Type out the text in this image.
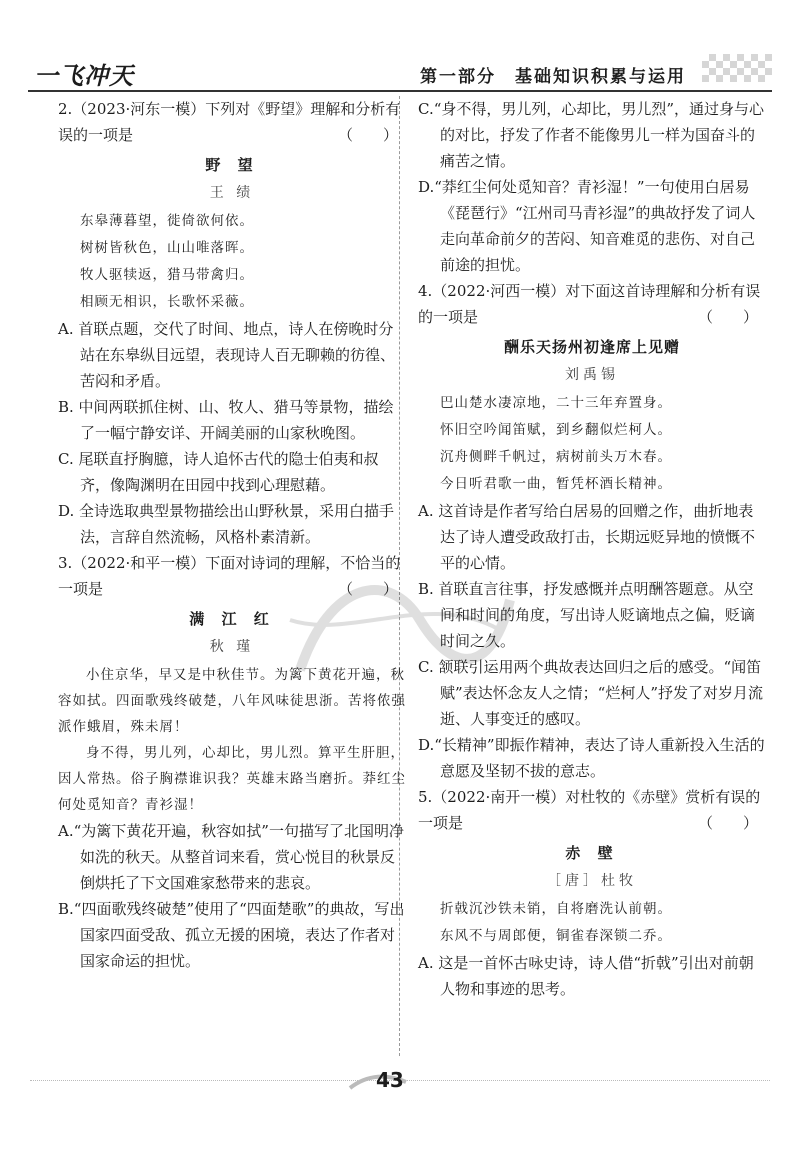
一飞冲天	第一部分　基础知识积累与运用
2.（2023·河东一模）下列对《野望》理解和分析有误的一项是	（　　）
野 望
王 绩
东皋薄暮望，徙倚欲何依。
树树皆秋色，山山唯落晖。
牧人驱犊返，猎马带禽归。
相顾无相识，长歌怀采薇。
A. 首联点题，交代了时间、地点，诗人在傍晚时分站在东皋纵目远望，表现诗人百无聊赖的彷徨、苦闷和矛盾。
B. 中间两联抓住树、山、牧人、猎马等景物，描绘了一幅宁静安详、开阔美丽的山家秋晚图。
C. 尾联直抒胸臆，诗人追怀古代的隐士伯夷和叔齐，像陶渊明在田园中找到心理慰藉。
D. 全诗选取典型景物描绘出山野秋景，采用白描手法，言辞自然流畅，风格朴素清新。
3.（2022·和平一模）下面对诗词的理解，不恰当的一项是	（　　）
满 江 红
秋 瑾
小住京华，早又是中秋佳节。为篱下黄花开遍，秋容如拭。四面歌残终破楚，八年风味徒思浙。苦将侬强派作蛾眉，殊未屑！
身不得，男儿列，心却比，男儿烈。算平生肝胆，因人常热。俗子胸襟谁识我？英雄末路当磨折。莽红尘何处觅知音？青衫湿！
A.“为篱下黄花开遍，秋容如拭”一句描写了北国明净如洗的秋天。从整首词来看，赏心悦目的秋景反倒烘托了下文国难家愁带来的悲哀。
B.“四面歌残终破楚”使用了“四面楚歌”的典故，写出国家四面受敌、孤立无援的困境，表达了作者对国家命运的担忧。
C.“身不得，男儿列，心却比，男儿烈”，通过身与心的对比，抒发了作者不能像男儿一样为国奋斗的痛苦之情。
D.“莽红尘何处觅知音？青衫湿！”一句使用白居易《琵琶行》“江州司马青衫湿”的典故抒发了词人走向革命前夕的苦闷、知音难觅的悲伤、对自己前途的担忧。
4.（2022·河西一模）对下面这首诗理解和分析有误的一项是	（　　）
酬乐天扬州初逢席上见赠
刘禹锡
巴山楚水凄凉地，二十三年弃置身。
怀旧空吟闻笛赋，到乡翻似烂柯人。
沉舟侧畔千帆过，病树前头万木春。
今日听君歌一曲，暂凭杯酒长精神。
A. 这首诗是作者写给白居易的回赠之作，曲折地表达了诗人遭受政敌打击，长期远贬异地的愤慨不平的心情。
B. 首联直言往事，抒发感慨并点明酬答题意。从空间和时间的角度，写出诗人贬谪地点之偏，贬谪时间之久。
C. 颔联引运用两个典故表达回归之后的感受。“闻笛赋”表达怀念友人之情；“烂柯人”抒发了对岁月流逝、人事变迁的感叹。
D.“长精神”即振作精神，表达了诗人重新投入生活的意愿及坚韧不拔的意志。
5.（2022·南开一模）对杜牧的《赤壁》赏析有误的一项是	（　　）
赤 壁
［唐］杜牧
折戟沉沙铁未销，自将磨洗认前朝。
东风不与周郎便，铜雀春深锁二乔。
A. 这是一首怀古咏史诗，诗人借“折戟”引出对前朝人物和事迹的思考。
43
